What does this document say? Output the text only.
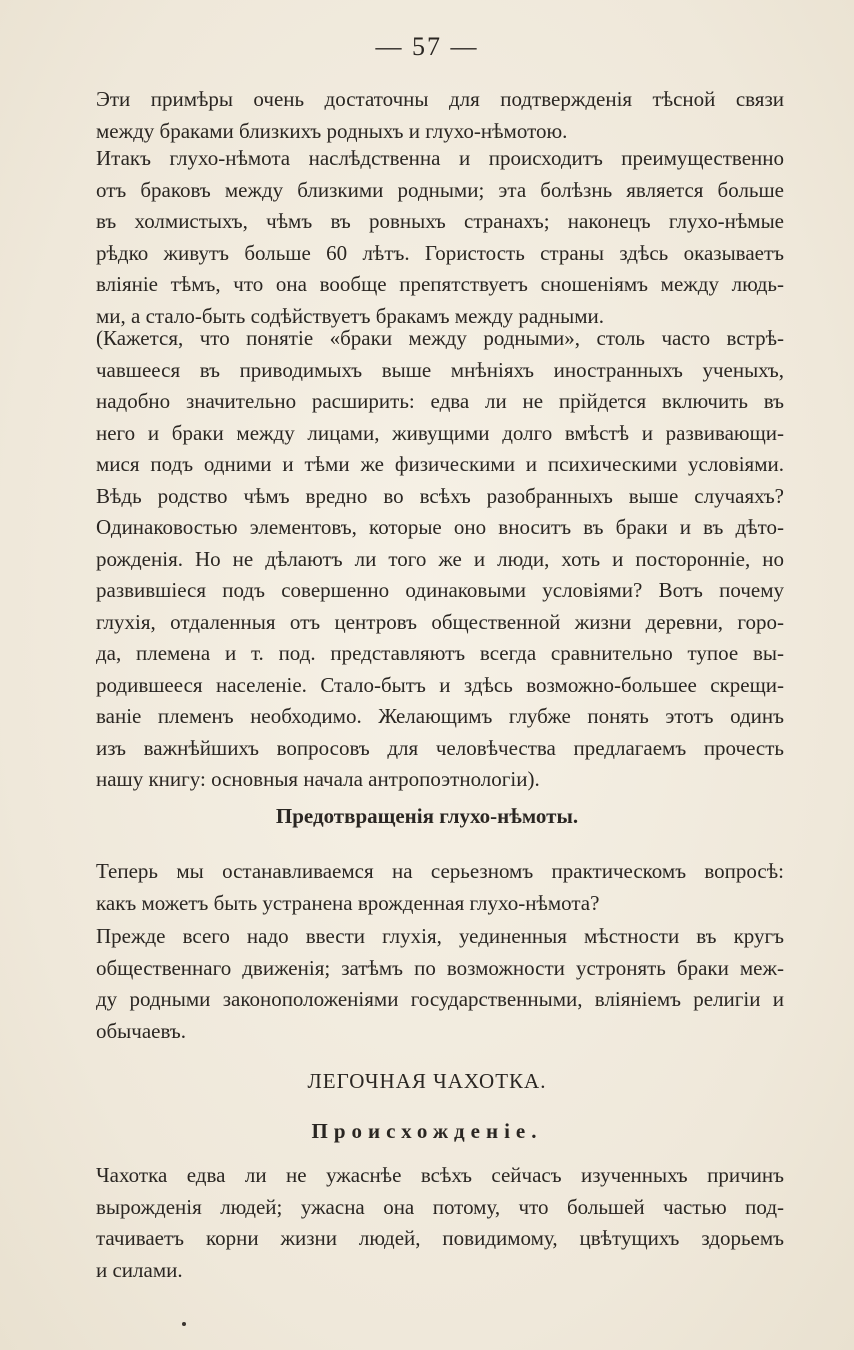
— 57 —
Эти примѣры очень достаточны для подтвержденія тѣсной связи
между браками близкихъ родныхъ и глухо-нѣмотою.
Итакъ глухо-нѣмота наслѣдственна и происходитъ преимущественно
отъ браковъ между близкими родными; эта болѣзнь является больше
въ холмистыхъ, чѣмъ въ ровныхъ странахъ; наконецъ глухо-нѣмые
рѣдко живутъ больше 60 лѣтъ. Гористость страны здѣсь оказываетъ
вліяніе тѣмъ, что она вообще препятствуетъ сношеніямъ между людь-
ми, а стало-быть содѣйствуетъ бракамъ между радными.
(Кажется, что понятіе «браки между родными», столь часто встрѣ-
чавшееся въ приводимыхъ выше мнѣніяхъ иностранныхъ ученыхъ,
надобно значительно расширить: едва ли не прійдется включить въ
него и браки между лицами, живущими долго вмѣстѣ и развивающи-
мися подъ одними и тѣми же физическими и психическими условіями.
Вѣдь родство чѣмъ вредно во всѣхъ разобранныхъ выше случаяхъ?
Одинаковостью элементовъ, которые оно вноситъ въ браки и въ дѣто-
рожденія. Но не дѣлаютъ ли того же и люди, хоть и посторонніе, но
развившіеся подъ совершенно одинаковыми условіями? Вотъ почему
глухія, отдаленныя отъ центровъ общественной жизни деревни, горо-
да, племена и т. под. представляютъ всегда сравнительно тупое вы-
родившееся населеніе. Стало-бытъ и здѣсь возможно-большее скрещи-
ваніе племенъ необходимо. Желающимъ глубже понять этотъ одинъ
изъ важнѣйшихъ вопросовъ для человѣчества предлагаемъ прочесть
нашу книгу: основныя начала антропоэтнологіи).
Предотвращенія глухо-нѣмоты.
Теперь мы останавливаемся на серьезномъ практическомъ вопросѣ:
какъ можетъ быть устранена врожденная глухо-нѣмота?
Прежде всего надо ввести глухія, уединенныя мѣстности въ кругъ
общественнаго движенія; затѣмъ по возможности устронять браки меж-
ду родными законоположеніями государственными, вліяніемъ религіи и
обычаевъ.
ЛЕГОЧНАЯ ЧАХОТКА.
Происхожденіе.
Чахотка едва ли не ужаснѣе всѣхъ сейчасъ изученныхъ причинъ
вырожденія людей; ужасна она потому, что большей частью под-
тачиваетъ корни жизни людей, повидимому, цвѣтущихъ здорьемъ
и силами.
